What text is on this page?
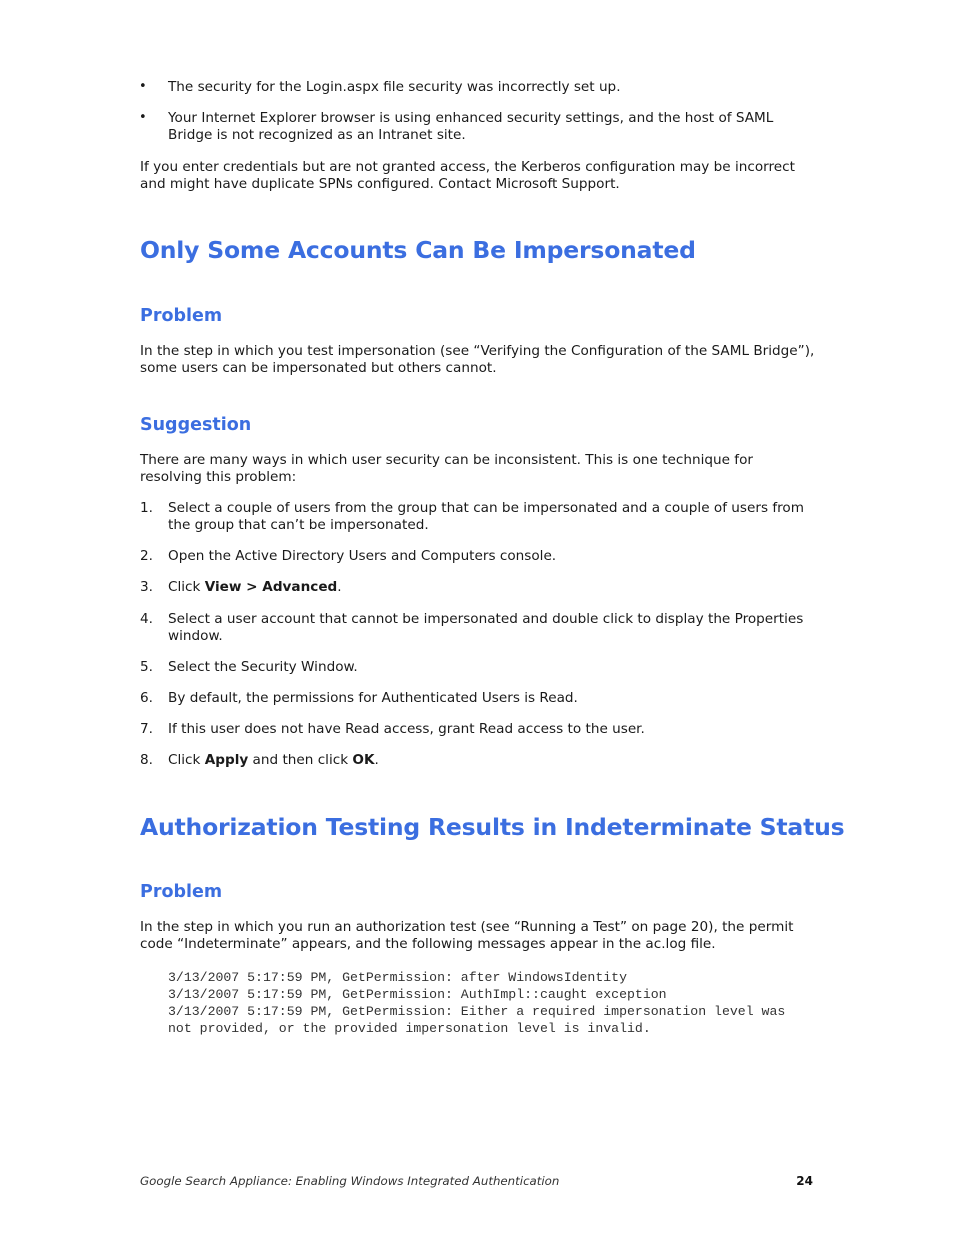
• The security for the Login.aspx file security was incorrectly set up.

• Your Internet Explorer browser is using enhanced security settings, and the host of SAML Bridge is not recognized as an Intranet site.

If you enter credentials but are not granted access, the Kerberos configuration may be incorrect and might have duplicate SPNs configured. Contact Microsoft Support.

Only Some Accounts Can Be Impersonated
Problem

In the step in which you test impersonation (see “Verifying the Configuration of the SAML Bridge”), some users can be impersonated but others cannot.

Suggestion

There are many ways in which user security can be inconsistent. This is one technique for resolving this problem:

1. Select a couple of users from the group that can be impersonated and a couple of users from the group that can’t be impersonated.
2. Open the Active Directory Users and Computers console.
3. Click View > Advanced.
4. Select a user account that cannot be impersonated and double click to display the Properties window.
5. Select the Security Window.
6. By default, the permissions for Authenticated Users is Read.
7. If this user does not have Read access, grant Read access to the user.
8. Click Apply and then click OK.
Authorization Testing Results in Indeterminate Status
Problem

In the step in which you run an authorization test (see “Running a Test” on page 20), the permit code “Indeterminate” appears, and the following messages appear in the ac.log file.

3/13/2007 5:17:59 PM, GetPermission: after WindowsIdentity
3/13/2007 5:17:59 PM, GetPermission: AuthImpl::caught exception
3/13/2007 5:17:59 PM, GetPermission: Either a required impersonation level was
not provided, or the provided impersonation level is invalid.
Google Search Appliance: Enabling Windows Integrated Authentication	24
